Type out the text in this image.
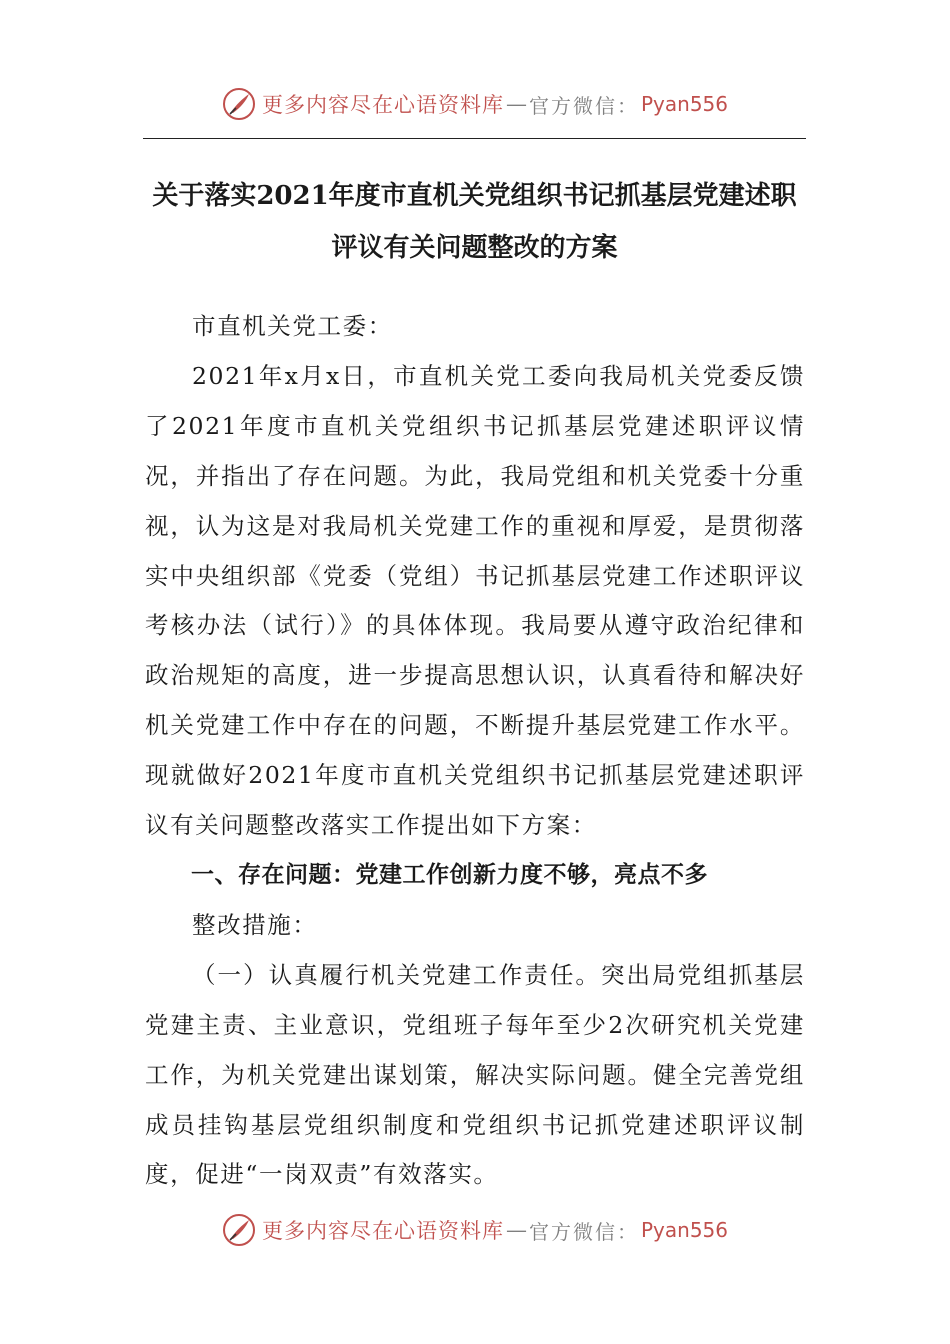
更多内容尽在心语资料库 — 官方微信： Pyan556
关于落实2021年度市直机关党组织书记抓基层党建述职评议有关问题整改的方案

市直机关党工委：

2021年x月x日，市直机关党工委向我局机关党委反馈了2021年度市直机关党组织书记抓基层党建述职评议情况，并指出了存在问题。为此，我局党组和机关党委十分重视，认为这是对我局机关党建工作的重视和厚爱，是贯彻落实中央组织部《党委（党组）书记抓基层党建工作述职评议考核办法（试行）》的具体体现。我局要从遵守政治纪律和政治规矩的高度，进一步提高思想认识，认真看待和解决好机关党建工作中存在的问题，不断提升基层党建工作水平。现就做好2021年度市直机关党组织书记抓基层党建述职评议有关问题整改落实工作提出如下方案：

一、存在问题：党建工作创新力度不够，亮点不多

整改措施：

（一）认真履行机关党建工作责任。突出局党组抓基层党建主责、主业意识，党组班子每年至少2次研究机关党建工作，为机关党建出谋划策，解决实际问题。健全完善党组成员挂钩基层党组织制度和党组织书记抓党建述职评议制度，促进“一岗双责”有效落实。

更多内容尽在心语资料库 — 官方微信： Pyan556
